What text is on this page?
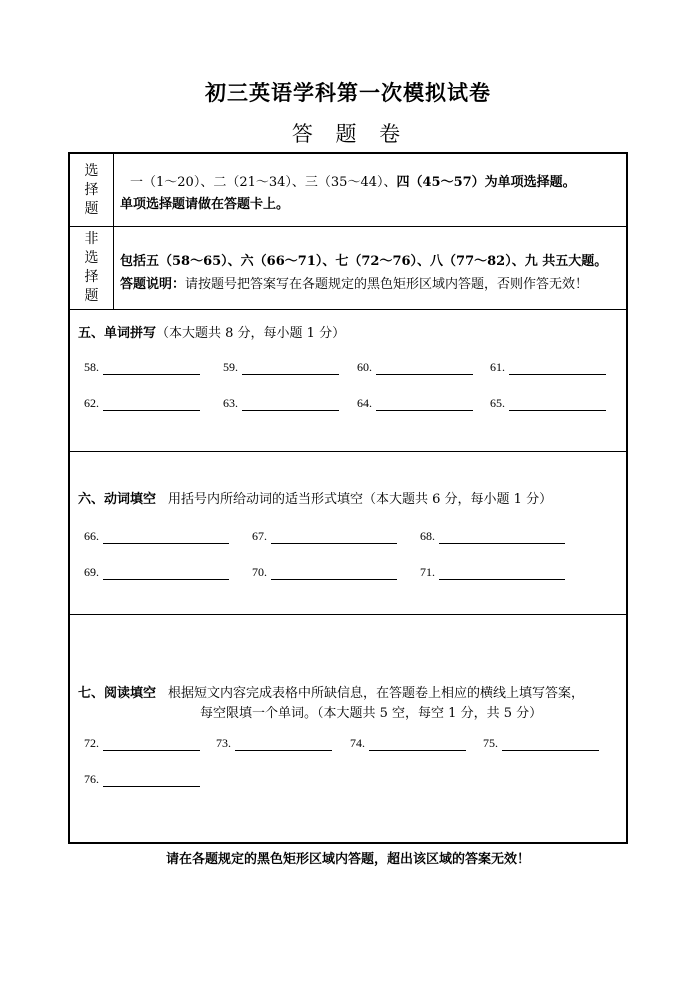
初三英语学科第一次模拟试卷
答 题 卷
选
择
题
一（1～20）、二（21～34）、三（35～44）、四（45～57）为单项选择题。
单项选择题请做在答题卡上。
非
选
择
题
包括五（58～65）、六（66～71）、七（72～76）、八（77～82）、九 共五大题。
答题说明：请按题号把答案写在各题规定的黑色矩形区域内答题，否则作答无效！
五、单词拼写（本大题共 8 分，每小题 1 分）
58.	59.	60.	61.
62.	63.	64.	65.
六、动词填空 用括号内所给动词的适当形式填空（本大题共 6 分，每小题 1 分）
66.	67.	68.
69.	70.	71.
七、阅读填空 根据短文内容完成表格中所缺信息，在答题卷上相应的横线上填写答案，
每空限填一个单词。（本大题共 5 空，每空 1 分，共 5 分）
72.	73.	74.	75.
76.
请在各题规定的黑色矩形区域内答题，超出该区域的答案无效！
